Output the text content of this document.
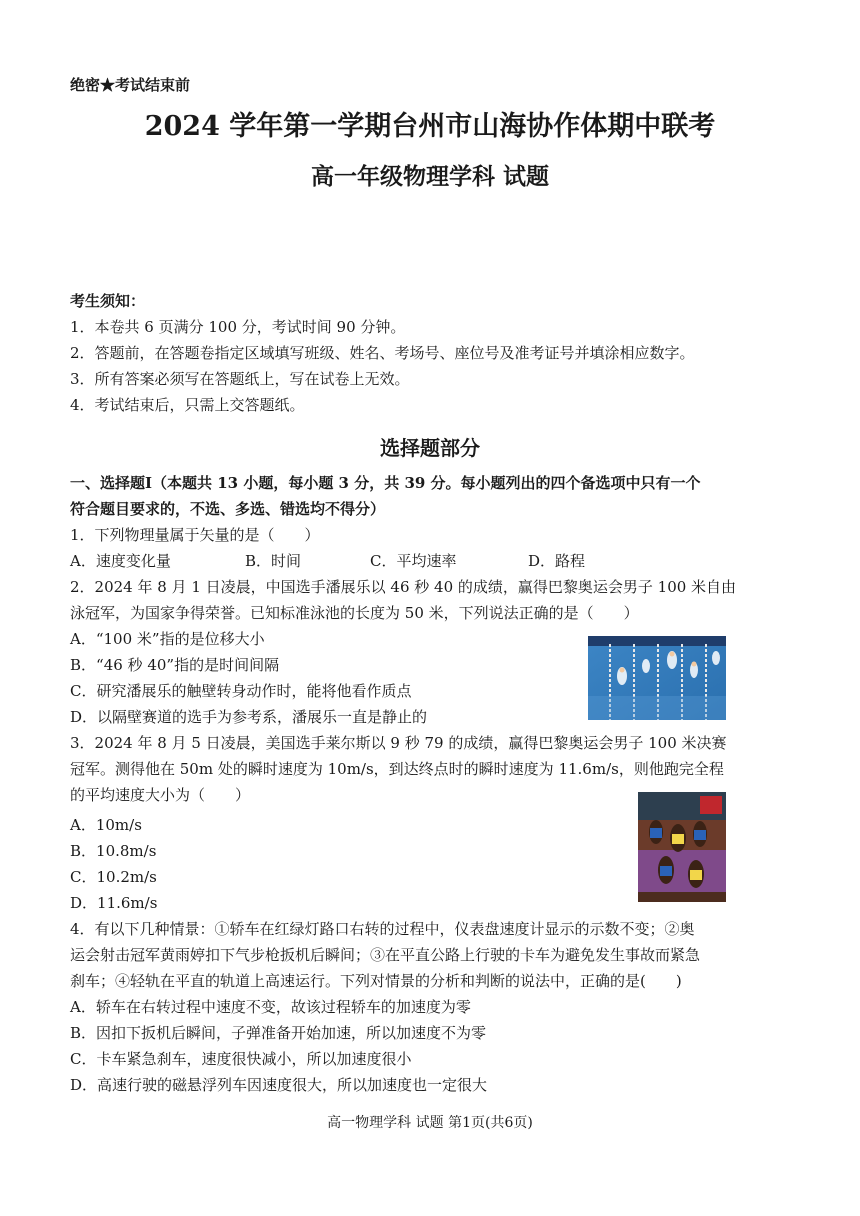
绝密★考试结束前
2024 学年第一学期台州市山海协作体期中联考
高一年级物理学科 试题
考生须知：
1．本卷共 6 页满分 100 分，考试时间 90 分钟。
2．答题前，在答题卷指定区域填写班级、姓名、考场号、座位号及准考证号并填涂相应数字。
3．所有答案必须写在答题纸上，写在试卷上无效。
4．考试结束后，只需上交答题纸。
选择题部分
一、选择题Ⅰ（本题共 13 小题，每小题 3 分，共 39 分。每小题列出的四个备选项中只有一个
符合题目要求的，不选、多选、错选均不得分）
1．下列物理量属于矢量的是（　　）
A．速度变化量	B．时间	C．平均速率	D．路程
2．2024 年 8 月 1 日凌晨，中国选手潘展乐以 46 秒 40 的成绩，赢得巴黎奥运会男子 100 米自由
泳冠军，为国家争得荣誉。已知标准泳池的长度为 50 米，下列说法正确的是（　　）
A．“100 米”指的是位移大小
B．“46 秒 40”指的是时间间隔
C．研究潘展乐的触壁转身动作时，能将他看作质点
D．以隔壁赛道的选手为参考系，潘展乐一直是静止的
3．2024 年 8 月 5 日凌晨，美国选手莱尔斯以 9 秒 79 的成绩，赢得巴黎奥运会男子 100 米决赛
冠军。测得他在 50m 处的瞬时速度为 10m/s，到达终点时的瞬时速度为 11.6m/s，则他跑完全程
的平均速度大小为（　　）
A．10m/s
B．10.8m/s
C．10.2m/s
D．11.6m/s
4．有以下几种情景：①轿车在红绿灯路口右转的过程中，仪表盘速度计显示的示数不变；②奥
运会射击冠军黄雨婷扣下气步枪扳机后瞬间；③在平直公路上行驶的卡车为避免发生事故而紧急
刹车；④轻轨在平直的轨道上高速运行。下列对情景的分析和判断的说法中，正确的是(　　)
A．轿车在右转过程中速度不变，故该过程轿车的加速度为零
B．因扣下扳机后瞬间，子弹准备开始加速，所以加速度不为零
C．卡车紧急刹车，速度很快减小，所以加速度很小
D．高速行驶的磁悬浮列车因速度很大，所以加速度也一定很大
高一物理学科 试题 第1页(共6页)
